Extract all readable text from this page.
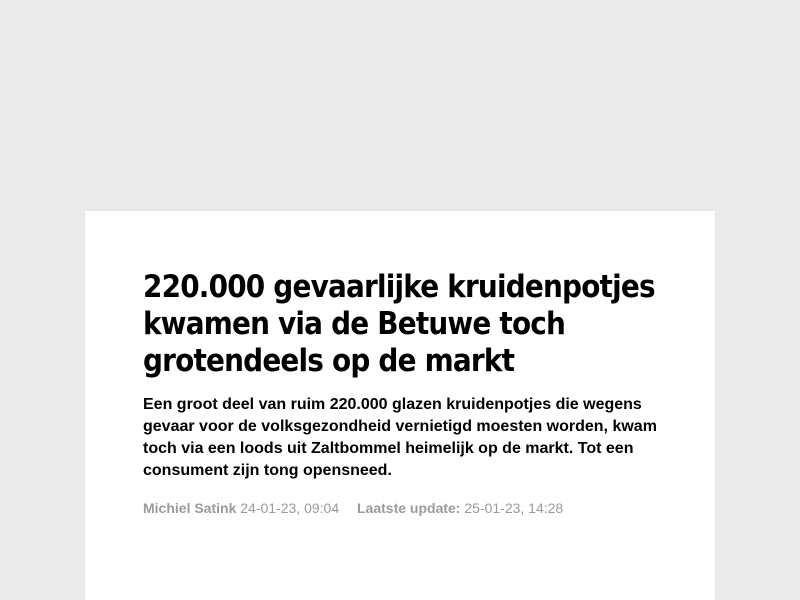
220.000 gevaarlijke kruidenpotjes kwamen via de Betuwe toch grotendeels op de markt

Een groot deel van ruim 220.000 glazen kruidenpotjes die wegens gevaar voor de volksgezondheid vernietigd moesten worden, kwam toch via een loods uit Zaltbommel heimelijk op de markt. Tot een consument zijn tong opensneed.

Michiel Satink 24-01-23, 09:04 Laatste update: 25-01-23, 14:28
